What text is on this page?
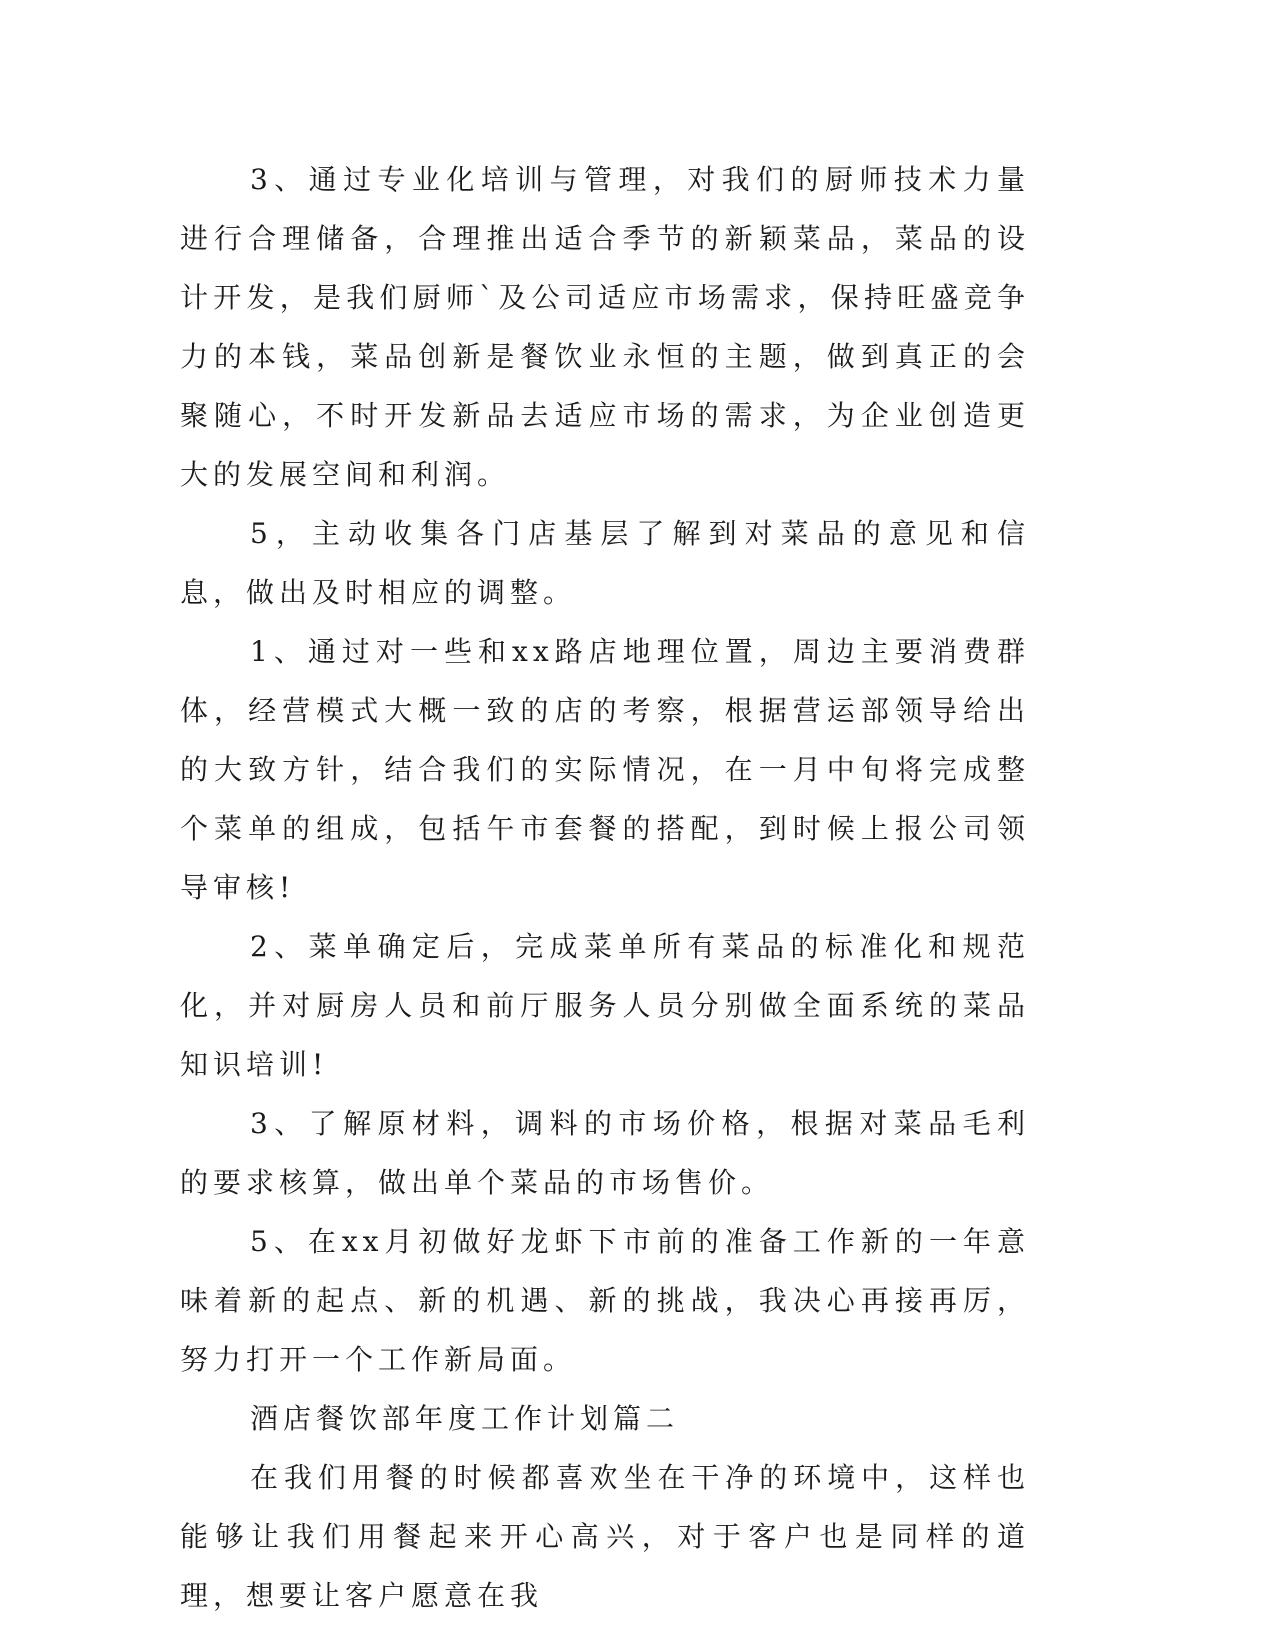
3、通过专业化培训与管理，对我们的厨师技术力量进行合理储备，合理推出适合季节的新颖菜品，菜品的设计开发，是我们厨师`及公司适应市场需求，保持旺盛竞争力的本钱，菜品创新是餐饮业永恒的主题，做到真正的会聚随心，不时开发新品去适应市场的需求，为企业创造更大的发展空间和利润。

5，主动收集各门店基层了解到对菜品的意见和信息，做出及时相应的调整。

1、通过对一些和xx路店地理位置，周边主要消费群体，经营模式大概一致的店的考察，根据营运部领导给出的大致方针，结合我们的实际情况，在一月中旬将完成整个菜单的组成，包括午市套餐的搭配，到时候上报公司领导审核!

2、菜单确定后，完成菜单所有菜品的标准化和规范化，并对厨房人员和前厅服务人员分别做全面系统的菜品知识培训!

3、了解原材料，调料的市场价格，根据对菜品毛利的要求核算，做出单个菜品的市场售价。

5、在xx月初做好龙虾下市前的准备工作新的一年意味着新的起点、新的机遇、新的挑战，我决心再接再厉，努力打开一个工作新局面。

酒店餐饮部年度工作计划篇二

在我们用餐的时候都喜欢坐在干净的环境中，这样也能够让我们用餐起来开心高兴，对于客户也是同样的道理，想要让客户愿意在我
